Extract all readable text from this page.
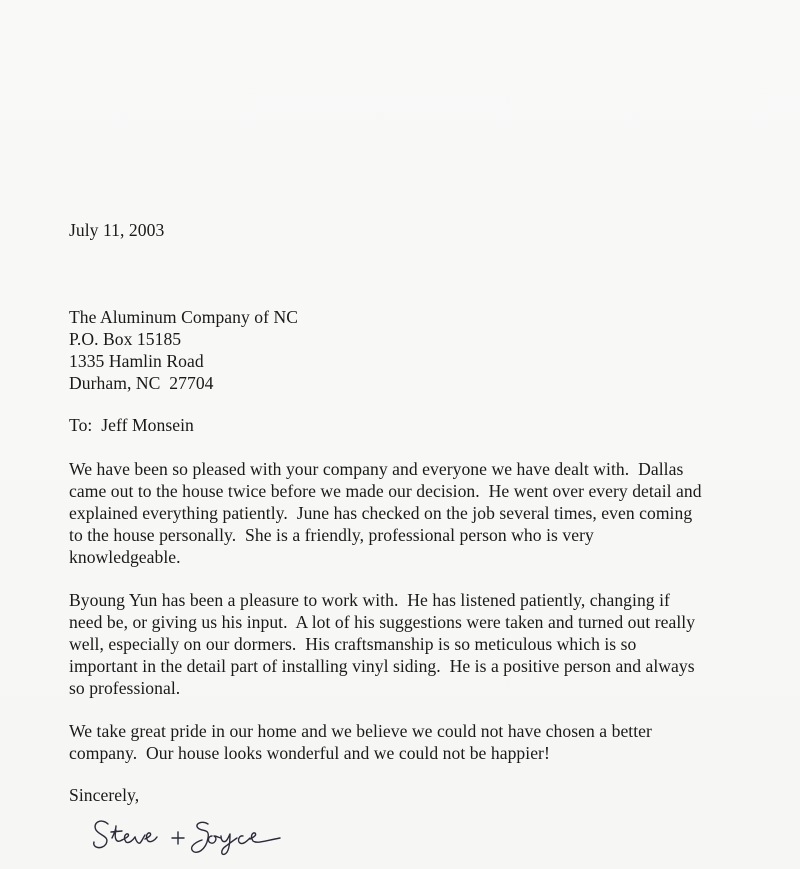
July 11, 2003
The Aluminum Company of NC
P.O. Box 15185
1335 Hamlin Road
Durham, NC  27704
To:  Jeff Monsein
We have been so pleased with your company and everyone we have dealt with.  Dallas
came out to the house twice before we made our decision.  He went over every detail and
explained everything patiently.  June has checked on the job several times, even coming
to the house personally.  She is a friendly, professional person who is very
knowledgeable.
Byoung Yun has been a pleasure to work with.  He has listened patiently, changing if
need be, or giving us his input.  A lot of his suggestions were taken and turned out really
well, especially on our dormers.  His craftsmanship is so meticulous which is so
important in the detail part of installing vinyl siding.  He is a positive person and always
so professional.
We take great pride in our home and we believe we could not have chosen a better
company.  Our house looks wonderful and we could not be happier!
Sincerely,
